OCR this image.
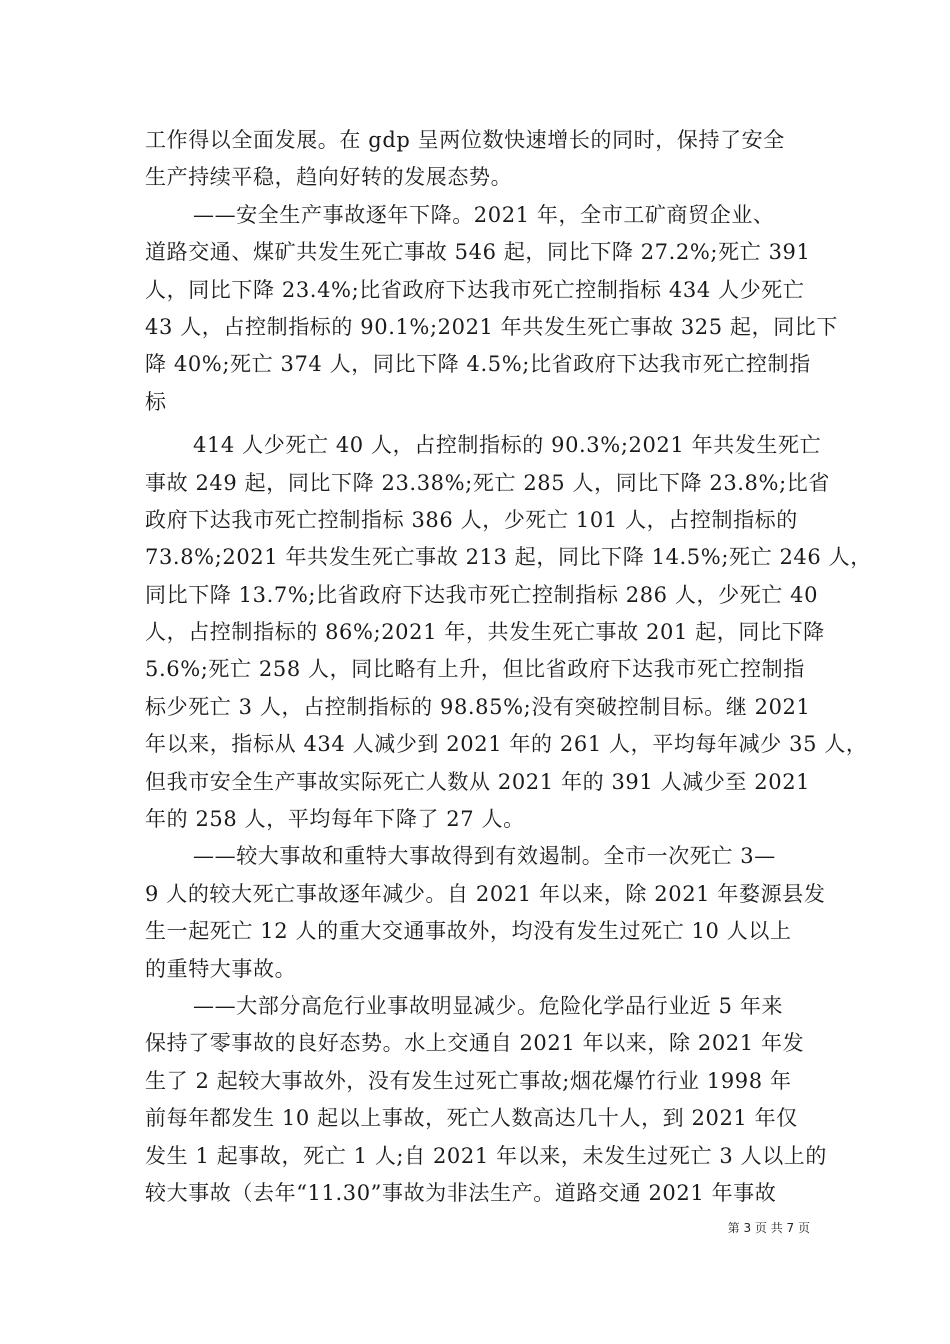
工作得以全面发展。在 gdp 呈两位数快速增长的同时，保持了安全
生产持续平稳，趋向好转的发展态势。
——安全生产事故逐年下降。2021 年，全市工矿商贸企业、
道路交通、煤矿共发生死亡事故 546 起，同比下降 27.2%;死亡 391
人，同比下降 23.4%;比省政府下达我市死亡控制指标 434 人少死亡
43 人，占控制指标的 90.1%;2021 年共发生死亡事故 325 起，同比下
降 40%;死亡 374 人，同比下降 4.5%;比省政府下达我市死亡控制指
标
414 人少死亡 40 人，占控制指标的 90.3%;2021 年共发生死亡
事故 249 起，同比下降 23.38%;死亡 285 人，同比下降 23.8%;比省
政府下达我市死亡控制指标 386 人，少死亡 101 人，占控制指标的
73.8%;2021 年共发生死亡事故 213 起，同比下降 14.5%;死亡 246 人，
同比下降 13.7%;比省政府下达我市死亡控制指标 286 人，少死亡 40
人，占控制指标的 86%;2021 年，共发生死亡事故 201 起，同比下降
5.6%;死亡 258 人，同比略有上升，但比省政府下达我市死亡控制指
标少死亡 3 人，占控制指标的 98.85%;没有突破控制目标。继 2021
年以来，指标从 434 人减少到 2021 年的 261 人，平均每年减少 35 人，
但我市安全生产事故实际死亡人数从 2021 年的 391 人减少至 2021
年的 258 人，平均每年下降了 27 人。
——较大事故和重特大事故得到有效遏制。全市一次死亡 3—
9 人的较大死亡事故逐年减少。自 2021 年以来，除 2021 年婺源县发
生一起死亡 12 人的重大交通事故外，均没有发生过死亡 10 人以上
的重特大事故。
——大部分高危行业事故明显减少。危险化学品行业近 5 年来
保持了零事故的良好态势。水上交通自 2021 年以来，除 2021 年发
生了 2 起较大事故外，没有发生过死亡事故;烟花爆竹行业 1998 年
前每年都发生 10 起以上事故，死亡人数高达几十人，到 2021 年仅
发生 1 起事故，死亡 1 人;自 2021 年以来，未发生过死亡 3 人以上的
较大事故（去年“11.30”事故为非法生产。道路交通 2021 年事故
第 3 页 共 7 页
